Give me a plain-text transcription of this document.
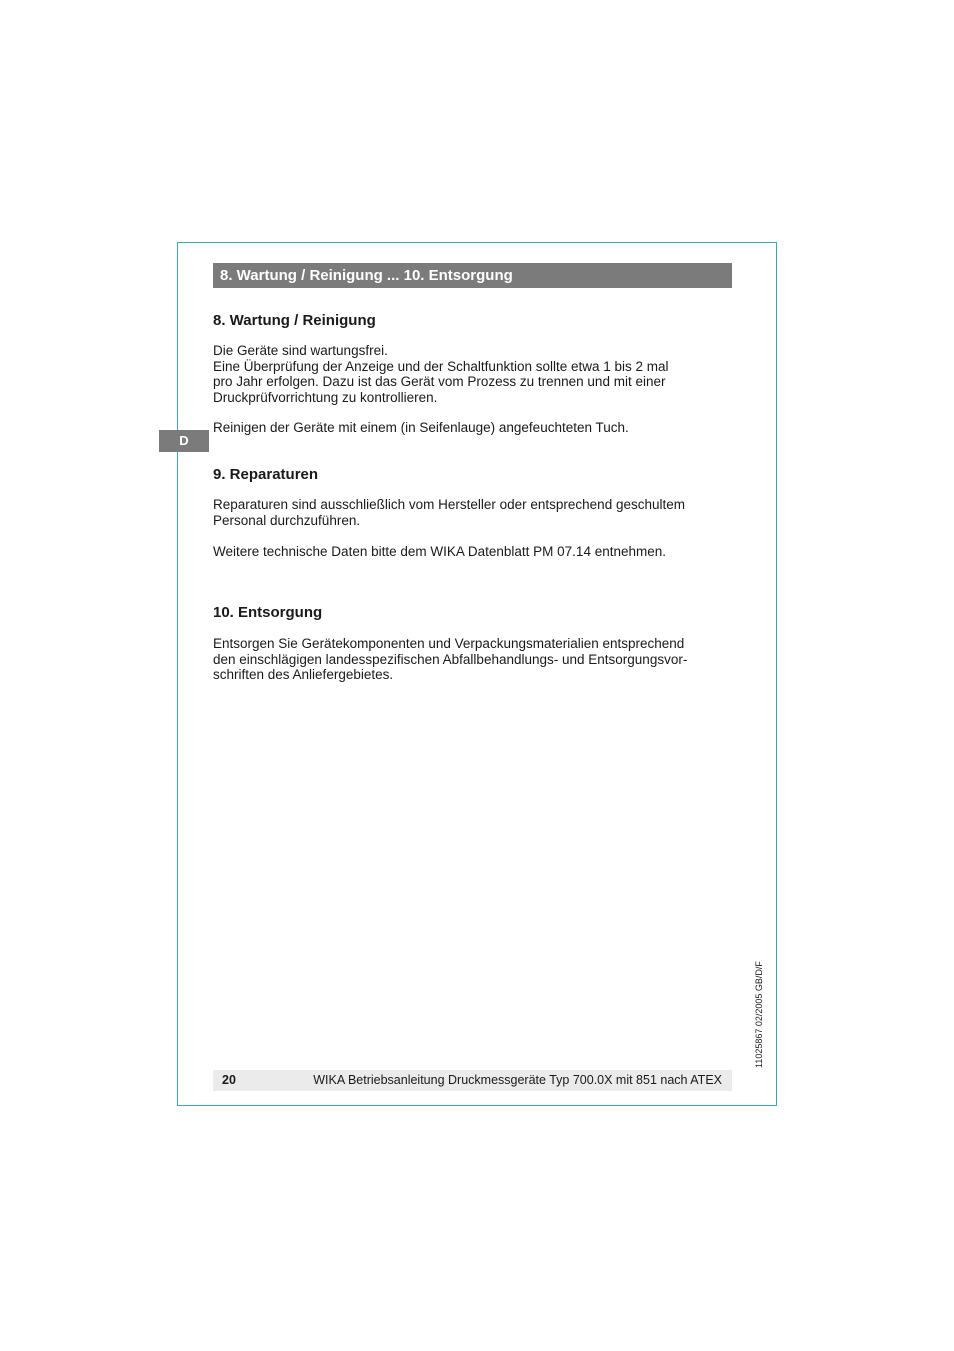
8. Wartung / Reinigung ... 10. Entsorgung
D
8. Wartung / Reinigung

Die Geräte sind wartungsfrei.
Eine Überprüfung der Anzeige und der Schaltfunktion sollte etwa 1 bis 2 mal
pro Jahr erfolgen. Dazu ist das Gerät vom Prozess zu trennen und mit einer
Druckprüfvorrichtung zu kontrollieren.

Reinigen der Geräte mit einem (in Seifenlauge) angefeuchteten Tuch.

9. Reparaturen

Reparaturen sind ausschließlich vom Hersteller oder entsprechend geschultem
Personal durchzuführen.

Weitere technische Daten bitte dem WIKA Datenblatt PM 07.14 entnehmen.

10. Entsorgung

Entsorgen Sie Gerätekomponenten und Verpackungsmaterialien entsprechend
den einschlägigen landesspezifischen Abfallbehandlungs- und Entsorgungsvor-
schriften des Anliefergebietes.

11025867 02/2005 GB/D/F
20	WIKA Betriebsanleitung Druckmessgeräte Typ 700.0X mit 851 nach ATEX
